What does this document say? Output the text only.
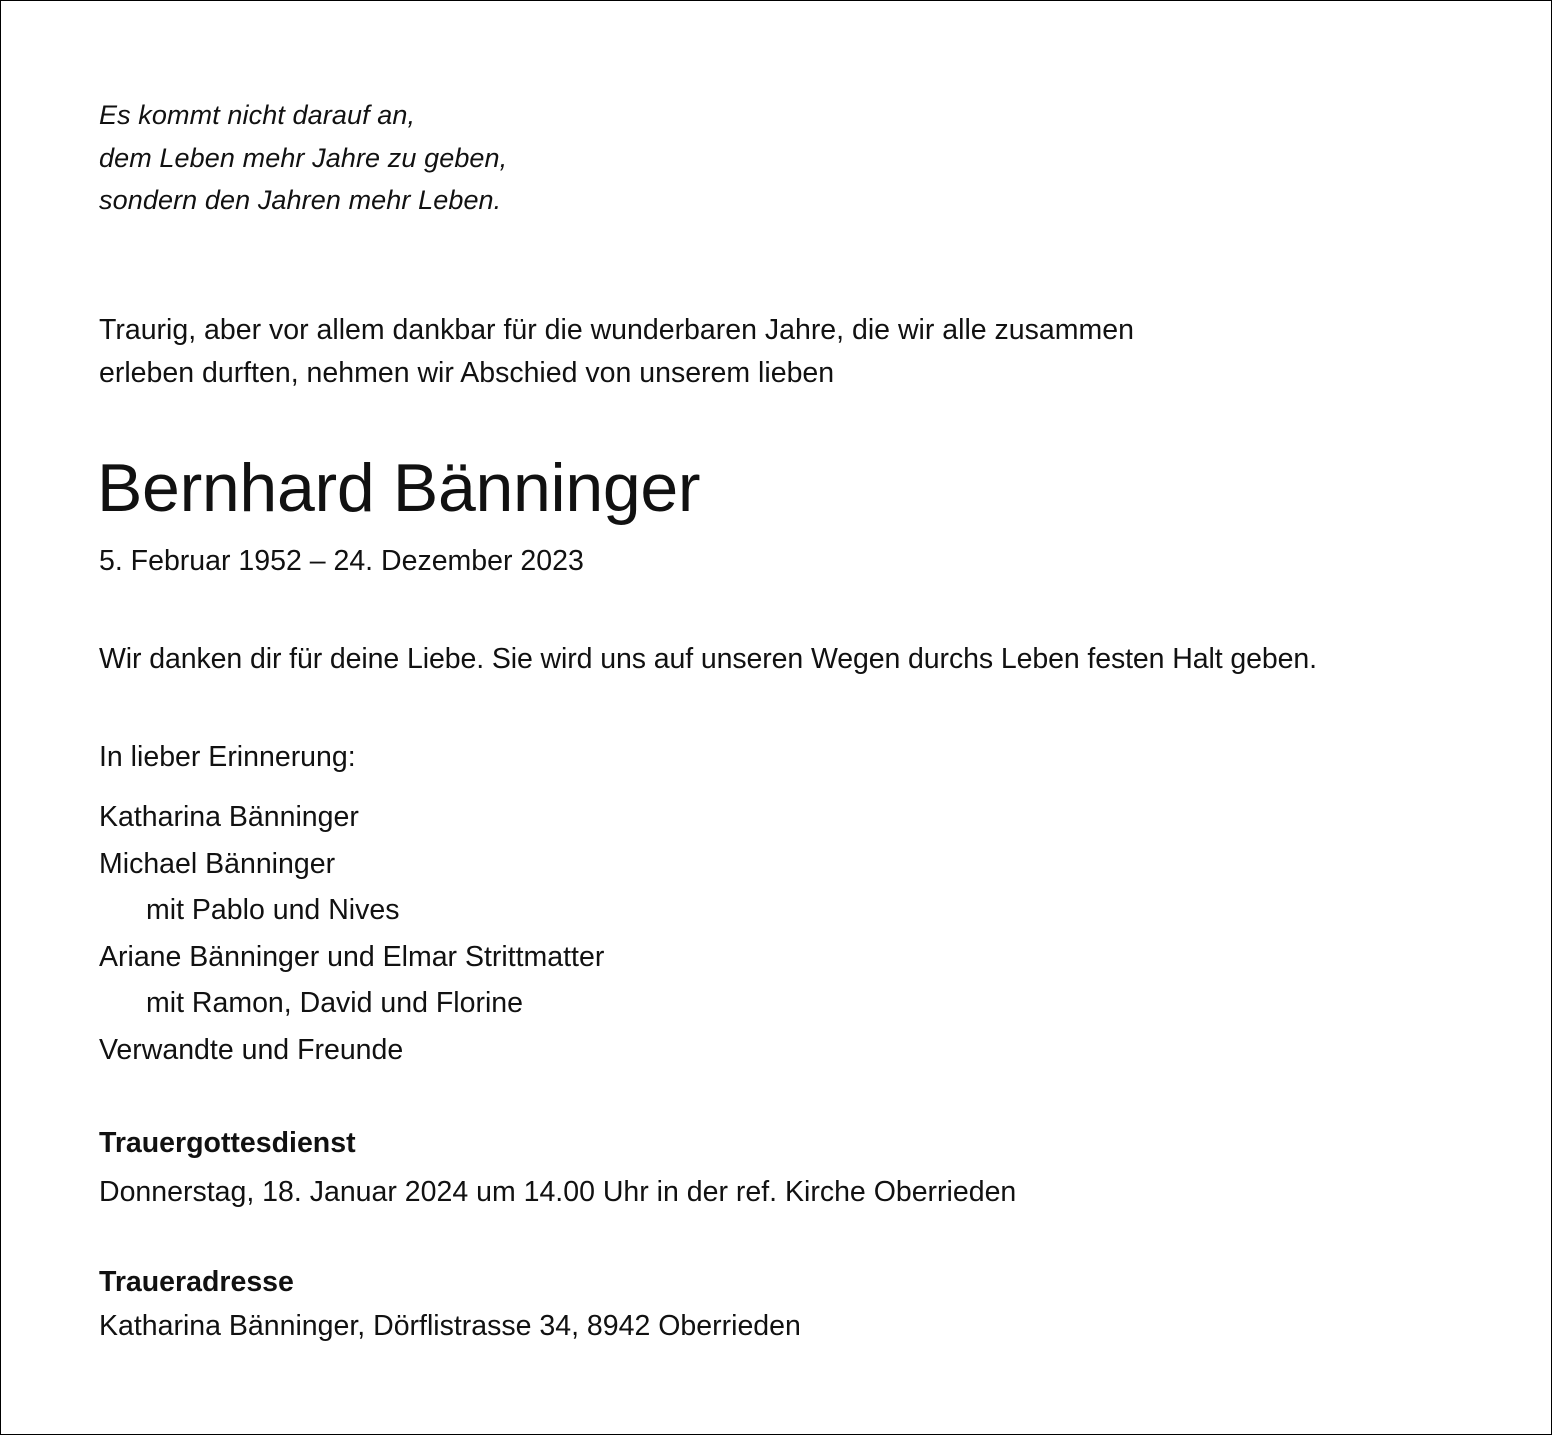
Es kommt nicht darauf an,
dem Leben mehr Jahre zu geben,
sondern den Jahren mehr Leben.
Traurig, aber vor allem dankbar für die wunderbaren Jahre, die wir alle zusammen
erleben durften, nehmen wir Abschied von unserem lieben
Bernhard Bänninger
5. Februar 1952 – 24. Dezember 2023
Wir danken dir für deine Liebe. Sie wird uns auf unseren Wegen durchs Leben festen Halt geben.
In lieber Erinnerung:
Katharina Bänninger
Michael Bänninger
mit Pablo und Nives
Ariane Bänninger und Elmar Strittmatter
mit Ramon, David und Florine
Verwandte und Freunde
Trauergottesdienst
Donnerstag, 18. Januar 2024 um 14.00 Uhr in der ref. Kirche Oberrieden
Traueradresse
Katharina Bänninger, Dörflistrasse 34, 8942 Oberrieden
